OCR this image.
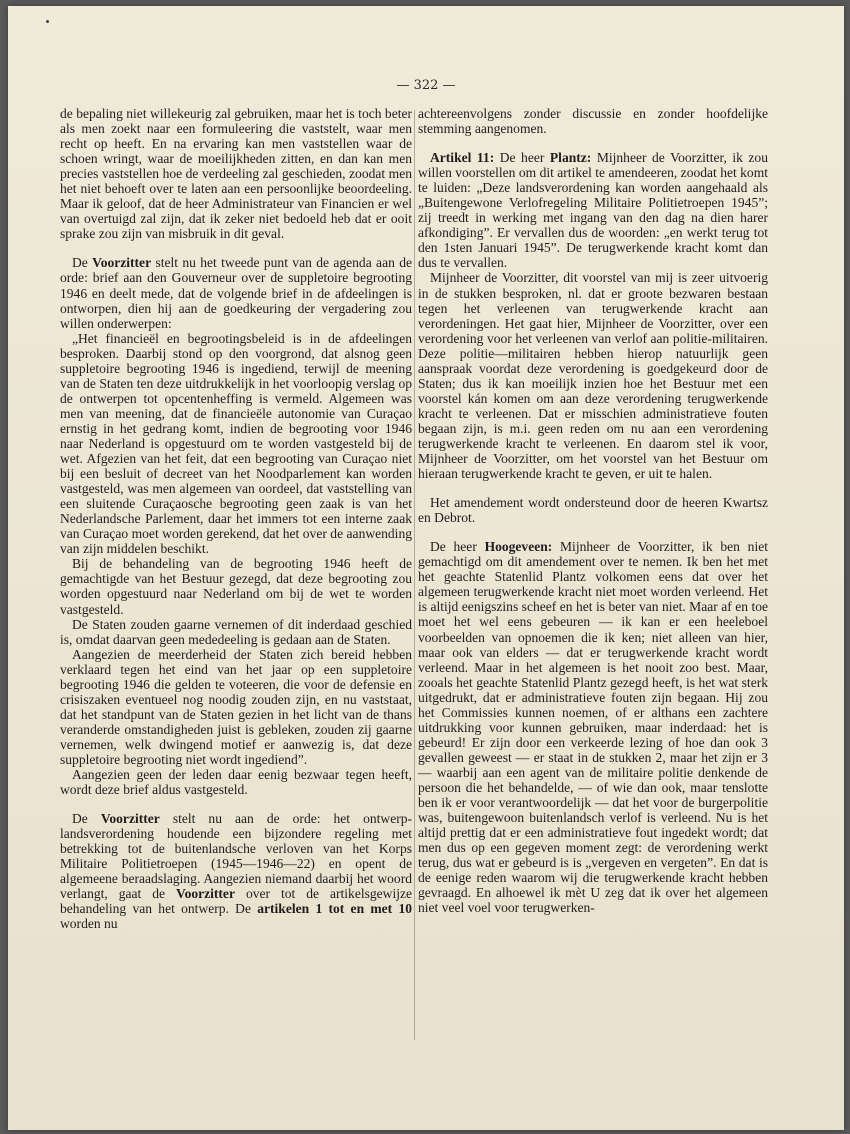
— 322 —

de bepaling niet willekeurig zal gebruiken, maar het is toch beter als men zoekt naar een formuleering die vaststelt, waar men recht op heeft. En na ervaring kan men vaststellen waar de schoen wringt, waar de moeilijkheden zitten, en dan kan men precies vaststellen hoe de verdeeling zal geschieden, zoodat men het niet behoeft over te laten aan een persoonlijke beoordeeling. Maar ik geloof, dat de heer Administrateur van Financien er wel van overtuigd zal zijn, dat ik zeker niet bedoeld heb dat er ooit sprake zou zijn van misbruik in dit geval.

De Voorzitter stelt nu het tweede punt van de agenda aan de orde: brief aan den Gouverneur over de suppletoire begrooting 1946 en deelt mede, dat de volgende brief in de afdeelingen is ontworpen, dien hij aan de goedkeuring der vergadering zou willen onderwerpen:

„Het financieël en begrootingsbeleid is in de afdeelingen besproken. Daarbij stond op den voorgrond, dat alsnog geen suppletoire begrooting 1946 is ingediend, terwijl de meening van de Staten ten deze uitdrukkelijk in het voorloopig verslag op de ontwerpen tot opcentenheffing is vermeld. Algemeen was men van meening, dat de financieële autonomie van Curaçao ernstig in het gedrang komt, indien de begrooting voor 1946 naar Nederland is opgestuurd om te worden vastgesteld bij de wet. Afgezien van het feit, dat een begrooting van Curaçao niet bij een besluit of decreet van het Noodparlement kan worden vastgesteld, was men algemeen van oordeel, dat vaststelling van een sluitende Curaçaosche begrooting geen zaak is van het Nederlandsche Parlement, daar het immers tot een interne zaak van Curaçao moet worden gerekend, dat het over de aanwending van zijn middelen beschikt.

Bij de behandeling van de begrooting 1946 heeft de gemachtigde van het Bestuur gezegd, dat deze begrooting zou worden opgestuurd naar Nederland om bij de wet te worden vastgesteld.

De Staten zouden gaarne vernemen of dit inderdaad geschied is, omdat daarvan geen mededeeling is gedaan aan de Staten.

Aangezien de meerderheid der Staten zich bereid hebben verklaard tegen het eind van het jaar op een suppletoire begrooting 1946 die gelden te voteeren, die voor de defensie en crisiszaken eventueel nog noodig zouden zijn, en nu vaststaat, dat het standpunt van de Staten gezien in het licht van de thans veranderde omstandigheden juist is gebleken, zouden zij gaarne vernemen, welk dwingend motief er aanwezig is, dat deze suppletoire begrooting niet wordt ingediend”.

Aangezien geen der leden daar eenig bezwaar tegen heeft, wordt deze brief aldus vastgesteld.

De Voorzitter stelt nu aan de orde: het ontwerp-landsverordening houdende een bijzondere regeling met betrekking tot de buitenlandsche verloven van het Korps Militaire Politietroepen (1945—1946—22) en opent de algemeene beraadslaging. Aangezien niemand daarbij het woord verlangt, gaat de Voorzitter over tot de artikelsgewijze behandeling van het ontwerp. De artikelen 1 tot en met 10 worden nu

achtereenvolgens zonder discussie en zonder hoofdelijke stemming aangenomen.

Artikel 11: De heer Plantz: Mijnheer de Voorzitter, ik zou willen voorstellen om dit artikel te amendeeren, zoodat het komt te luiden: „Deze landsverordening kan worden aangehaald als „Buitengewone Verlofregeling Militaire Politietroepen 1945”; zij treedt in werking met ingang van den dag na dien harer afkondiging”. Er vervallen dus de woorden: „en werkt terug tot den 1sten Januari 1945”. De terugwerkende kracht komt dan dus te vervallen.

Mijnheer de Voorzitter, dit voorstel van mij is zeer uitvoerig in de stukken besproken, nl. dat er groote bezwaren bestaan tegen het verleenen van terugwerkende kracht aan verordeningen. Het gaat hier, Mijnheer de Voorzitter, over een verordening voor het verleenen van verlof aan politie-militairen. Deze politie—militairen hebben hierop natuurlijk geen aanspraak voordat deze verordening is goedgekeurd door de Staten; dus ik kan moeilijk inzien hoe het Bestuur met een voorstel kán komen om aan deze verordening terugwerkende kracht te verleenen. Dat er misschien administratieve fouten begaan zijn, is m.i. geen reden om nu aan een verordening terugwerkende kracht te verleenen. En daarom stel ik voor, Mijnheer de Voorzitter, om het voorstel van het Bestuur om hieraan terugwerkende kracht te geven, er uit te halen.

Het amendement wordt ondersteund door de heeren Kwartsz en Debrot.

De heer Hoogeveen: Mijnheer de Voorzitter, ik ben niet gemachtigd om dit amendement over te nemen. Ik ben het met het geachte Statenlid Plantz volkomen eens dat over het algemeen terugwerkende kracht niet moet worden verleend. Het is altijd eenigszins scheef en het is beter van niet. Maar af en toe moet het wel eens gebeuren — ik kan er een heeleboel voorbeelden van opnoemen die ik ken; niet alleen van hier, maar ook van elders — dat er terugwerkende kracht wordt verleend. Maar in het algemeen is het nooit zoo best. Maar, zooals het geachte Statenlid Plantz gezegd heeft, is het wat sterk uitgedrukt, dat er administratieve fouten zijn begaan. Hij zou het Commissies kunnen noemen, of er althans een zachtere uitdrukking voor kunnen gebruiken, maar inderdaad: het is gebeurd! Er zijn door een verkeerde lezing of hoe dan ook 3 gevallen geweest — er staat in de stukken 2, maar het zijn er 3 — waarbij aan een agent van de militaire politie denkende de persoon die het behandelde, — of wie dan ook, maar tenslotte ben ik er voor verantwoordelijk — dat het voor de burgerpolitie was, buitengewoon buitenlandsch verlof is verleend. Nu is het altijd prettig dat er een administratieve fout ingedekt wordt; dat men dus op een gegeven moment zegt: de verordening werkt terug, dus wat er gebeurd is is „vergeven en vergeten”. En dat is de eenige reden waarom wij die terugwerkende kracht hebben gevraagd. En alhoewel ik mèt U zeg dat ik over het algemeen niet veel voel voor terugwerken-
